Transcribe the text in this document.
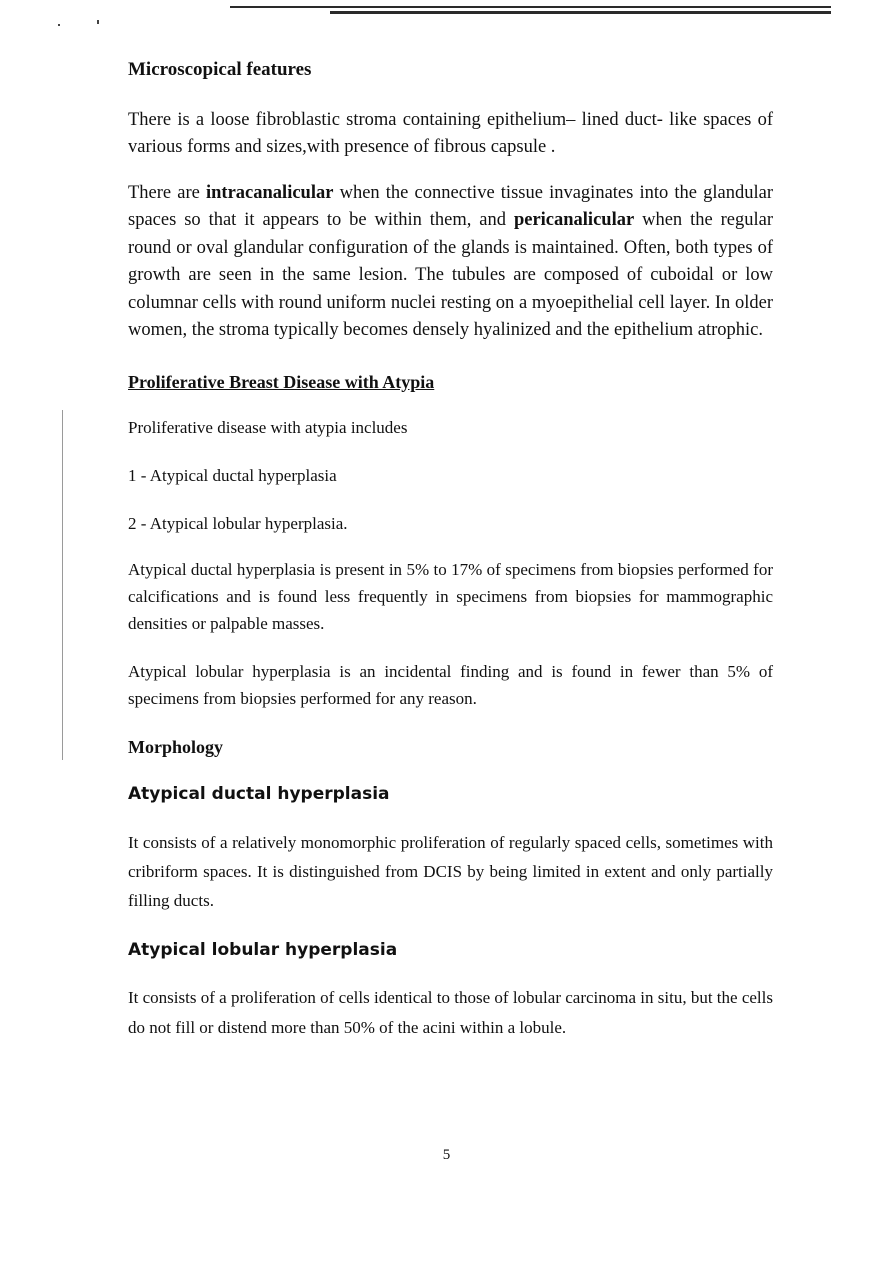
Microscopical features

There is a loose fibroblastic stroma containing epithelium– lined duct- like spaces of various forms and sizes,with presence of fibrous capsule .

There are intracanalicular when the connective tissue invaginates into the glandular spaces so that it appears to be within them, and pericanalicular when the regular round or oval glandular configuration of the glands is maintained. Often, both types of growth are seen in the same lesion. The tubules are composed of cuboidal or low columnar cells with round uniform nuclei resting on a myoepithelial cell layer. In older women, the stroma typically becomes densely hyalinized and the epithelium atrophic.

Proliferative Breast Disease with Atypia

Proliferative disease with atypia includes

1 - Atypical ductal hyperplasia

2 - Atypical lobular hyperplasia.

Atypical ductal hyperplasia is present in 5% to 17% of specimens from biopsies performed for calcifications and is found less frequently in specimens from biopsies for mammographic densities or palpable masses.

Atypical lobular hyperplasia is an incidental finding and is found in fewer than 5% of specimens from biopsies performed for any reason.

Morphology
Atypical ductal hyperplasia

It consists of a relatively monomorphic proliferation of regularly spaced cells, sometimes with cribriform spaces. It is distinguished from DCIS by being limited in extent and only partially filling ducts.

Atypical lobular hyperplasia

It consists of a proliferation of cells identical to those of lobular carcinoma in situ, but the cells do not fill or distend more than 50% of the acini within a lobule.

5
